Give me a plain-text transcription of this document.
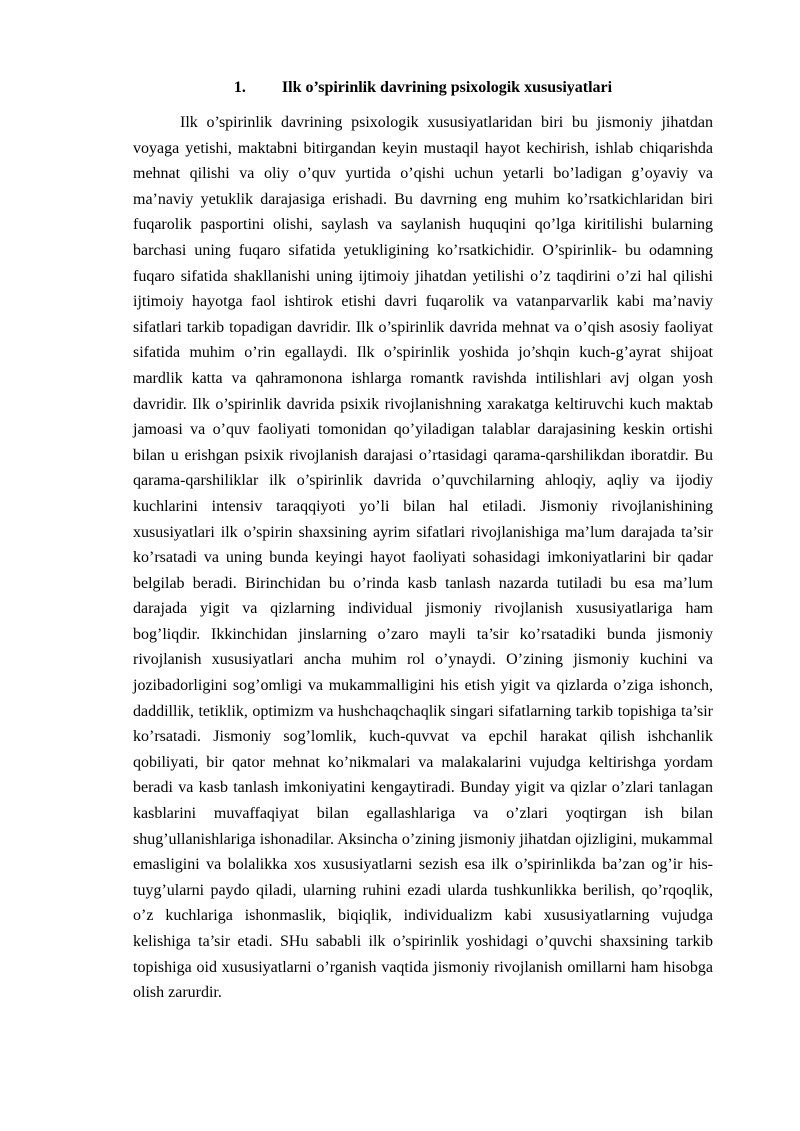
1. Ilk o’spirinlik davrining psixologik xususiyatlari

Ilk o’spirinlik davrining psixologik xususiyatlaridan biri bu jismoniy jihatdan voyaga yetishi, maktabni bitirgandan keyin mustaqil hayot kechirish, ishlab chiqarishda mehnat qilishi va oliy o’quv yurtida o’qishi uchun yetarli bo’ladigan g’oyaviy va ma’naviy yetuklik darajasiga erishadi. Bu davrning eng muhim ko’rsatkichlaridan biri fuqarolik pasportini olishi, saylash va saylanish huquqini qo’lga kiritilishi bularning barchasi uning fuqaro sifatida yetukligining ko’rsatkichidir. O’spirinlik- bu odamning fuqaro sifatida shakllanishi uning ijtimoiy jihatdan yetilishi o’z taqdirini o’zi hal qilishi ijtimoiy hayotga faol ishtirok etishi davri fuqarolik va vatanparvarlik kabi ma’naviy sifatlari tarkib topadigan davridir. Ilk o’spirinlik davrida mehnat va o’qish asosiy faoliyat sifatida muhim o’rin egallaydi. Ilk o’spirinlik yoshida jo’shqin kuch-g’ayrat shijoat mardlik katta va qahramonona ishlarga romantk ravishda intilishlari avj olgan yosh davridir. Ilk o’spirinlik davrida psixik rivojlanishning xarakatga keltiruvchi kuch maktab jamoasi va o’quv faoliyati tomonidan qo’yiladigan talablar darajasining keskin ortishi bilan u erishgan psixik rivojlanish darajasi o’rtasidagi qarama-qarshilikdan iboratdir. Bu qarama-qarshiliklar ilk o’spirinlik davrida o’quvchilarning ahloqiy, aqliy va ijodiy kuchlarini intensiv taraqqiyoti yo’li bilan hal etiladi. Jismoniy rivojlanishining xususiyatlari ilk o’spirin shaxsining ayrim sifatlari rivojlanishiga ma’lum darajada ta’sir ko’rsatadi va uning bunda keyingi hayot faoliyati sohasidagi imkoniyatlarini bir qadar belgilab beradi. Birinchidan bu o’rinda kasb tanlash nazarda tutiladi bu esa ma’lum darajada yigit va qizlarning individual jismoniy rivojlanish xususiyatlariga ham bog’liqdir. Ikkinchidan jinslarning o’zaro mayli ta’sir ko’rsatadiki bunda jismoniy rivojlanish xususiyatlari ancha muhim rol o’ynaydi. O’zining jismoniy kuchini va jozibadorligini sog’omligi va mukammalligini his etish yigit va qizlarda o’ziga ishonch, daddillik, tetiklik, optimizm va hushchaqchaqlik singari sifatlarning tarkib topishiga ta’sir ko’rsatadi. Jismoniy sog’lomlik, kuch-quvvat va epchil harakat qilish ishchanlik qobiliyati, bir qator mehnat ko’nikmalari va malakalarini vujudga keltirishga yordam beradi va kasb tanlash imkoniyatini kengaytiradi. Bunday yigit va qizlar o’zlari tanlagan kasblarini muvaffaqiyat bilan egallashlariga va o’zlari yoqtirgan ish bilan shug’ullanishlariga ishonadilar. Aksincha o’zining jismoniy jihatdan ojizligini, mukammal emasligini va bolalikka xos xususiyatlarni sezish esa ilk o’spirinlikda ba’zan og’ir his-tuyg’ularni paydo qiladi, ularning ruhini ezadi ularda tushkunlikka berilish, qo’rqoqlik, o’z kuchlariga ishonmaslik, biqiqlik, individualizm kabi xususiyatlarning vujudga kelishiga ta’sir etadi. SHu sababli ilk o’spirinlik yoshidagi o’quvchi shaxsining tarkib topishiga oid xususiyatlarni o’rganish vaqtida jismoniy rivojlanish omillarni ham hisobga olish zarurdir.
